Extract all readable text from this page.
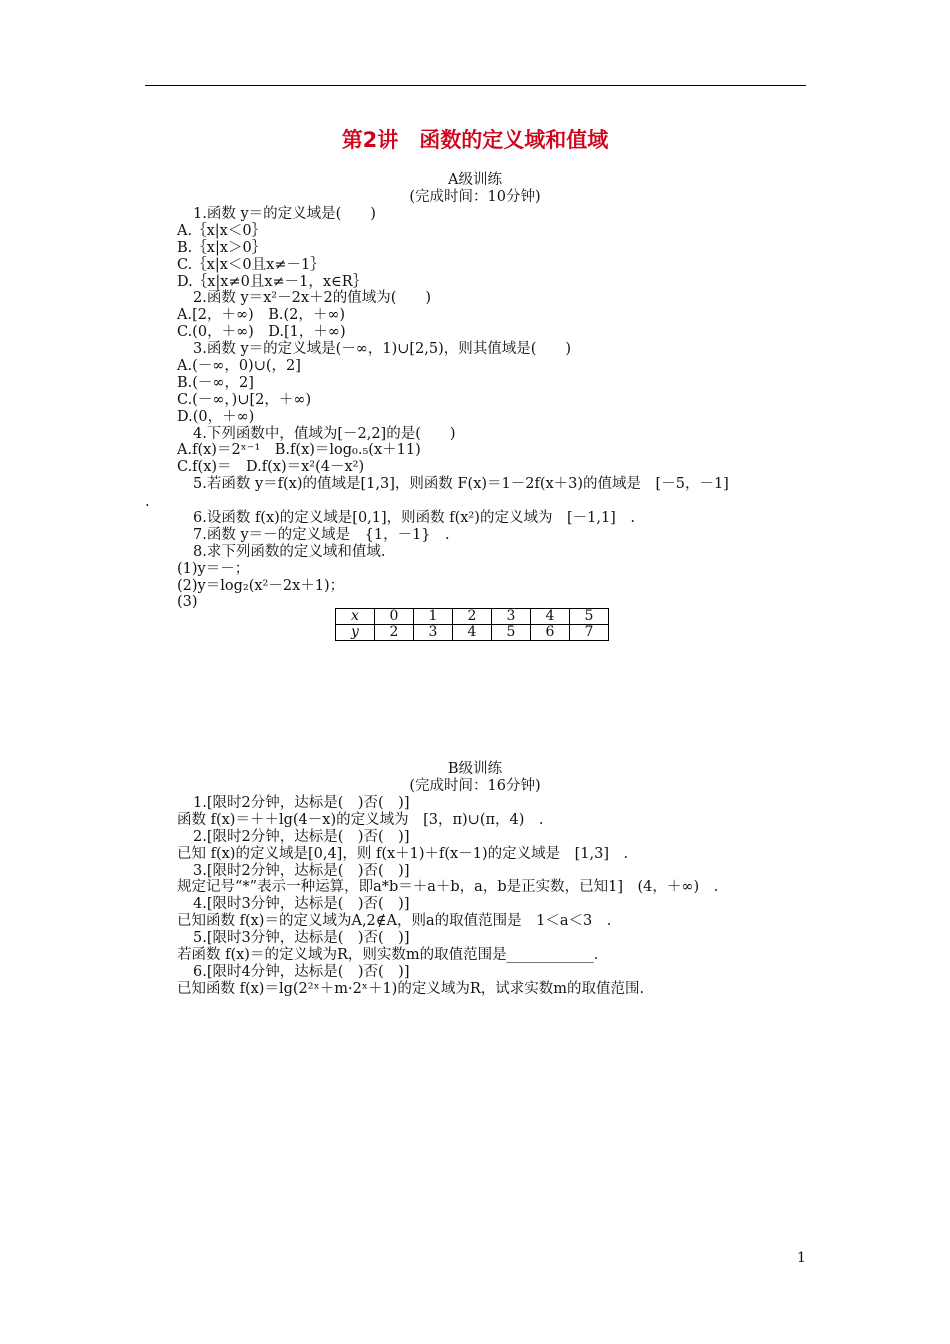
第2讲　函数的定义域和值域
A级训练
(完成时间：10分钟)
1.函数 y＝的定义域是(　　)
A.｛x|x＜0｝
B.｛x|x＞0｝
C.｛x|x＜0且x≠－1｝
D.｛x|x≠0且x≠－1，x∈R｝
2.函数 y＝x²－2x＋2的值域为(　　)
A.[2，＋∞)　B.(2，＋∞)
C.(0，＋∞)　D.[1，＋∞)
3.函数 y＝的定义域是(－∞，1)∪[2,5)，则其值域是(　　)
A.(－∞，0)∪(，2]
B.(－∞，2]
C.(－∞，)∪[2，＋∞)
D.(0，＋∞)
4.下列函数中，值域为[－2,2]的是(　　)
A.f(x)＝2ˣ⁻¹　B.f(x)＝log₀.₅(x＋11)
C.f(x)＝　D.f(x)＝x²(4－x²)
5.若函数 y＝f(x)的值域是[1,3]，则函数 F(x)＝1－2f(x＋3)的值域是　[－5，－1]
6.设函数 f(x)的定义域是[0,1]，则函数 f(x²)的定义域为　[－1,1]　.
7.函数 y＝－的定义域是　{1，－1}　.
8.求下列函数的定义域和值域.
(1)y＝－；
(2)y＝log₂(x²－2x＋1)；
(3)
.
x	0	1	2	3	4	5
y	2	3	4	5	6	7
B级训练
(完成时间：16分钟)
1.[限时2分钟，达标是(　)否(　)]
函数 f(x)＝＋＋lg(4－x)的定义域为　[3，π)∪(π，4)　.
2.[限时2分钟，达标是(　)否(　)]
已知 f(x)的定义域是[0,4]，则 f(x＋1)＋f(x－1)的定义域是　[1,3]　.
3.[限时2分钟，达标是(　)否(　)]
规定记号“*”表示一种运算，即a*b＝＋a＋b，a，b是正实数，已知1]　(4，＋∞)　.
4.[限时3分钟，达标是(　)否(　)]
已知函数 f(x)＝的定义域为A,2∉A，则a的取值范围是　1＜a＜3　.
5.[限时3分钟，达标是(　)否(　)]
若函数 f(x)＝的定义域为R，则实数m的取值范围是____________.
6.[限时4分钟，达标是(　)否(　)]
已知函数 f(x)＝lg(2²ˣ＋m·2ˣ＋1)的定义域为R，试求实数m的取值范围.
1
